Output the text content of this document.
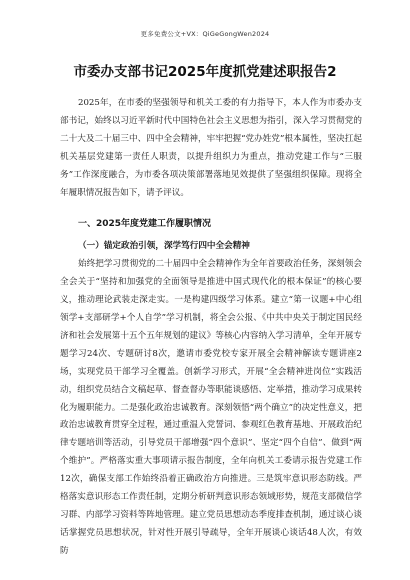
更多免费公文+VX：QiGeGongWen2024
市委办支部书记2025年度抓党建述职报告2

2025年，在市委的坚强领导和机关工委的有力指导下，本人作为市委办支部书记，始终以习近平新时代中国特色社会主义思想为指引，深入学习贯彻党的二十大及二十届三中、四中全会精神，牢牢把握“党办姓党”根本属性，坚决扛起机关基层党建第一责任人职责，以提升组织力为重点，推动党建工作与“三服务”工作深度融合，为市委各项决策部署落地见效提供了坚强组织保障。现将全年履职情况报告如下，请予评议。

一、2025年度党建工作履职情况

（一）锚定政治引领，深学笃行四中全会精神

始终把学习贯彻党的二十届四中全会精神作为全年首要政治任务，深刻领会全会关于“坚持和加强党的全面领导是推进中国式现代化的根本保证”的核心要义，推动理论武装走深走实。一是构建四级学习体系。建立“第一议题+中心组领学+支部研学+个人自学”学习机制，将全会公报、《中共中央关于制定国民经济和社会发展第十五个五年规划的建议》等核心内容纳入学习清单，全年开展专题学习24次、专题研讨8次，邀请市委党校专家开展全会精神解读专题讲座2场，实现党员干部学习全覆盖。创新学习形式，开展“全会精神进岗位”实践活动，组织党员结合文稿起草、督查督办等职能谈感悟、定举措，推动学习成果转化为履职能力。二是强化政治忠诚教育。深刻领悟“两个确立”的决定性意义，把政治忠诚教育贯穿全过程，通过重温入党誓词、参观红色教育基地、开展政治纪律专题培训等活动，引导党员干部增强“四个意识”、坚定“四个自信”、做到“两个维护”。严格落实重大事项请示报告制度，全年向机关工委请示报告党建工作12次，确保支部工作始终沿着正确政治方向推进。三是筑牢意识形态防线。严格落实意识形态工作责任制，定期分析研判意识形态领域形势，规范支部微信学习群、内部学习资料等阵地管理。建立党员思想动态季度排查机制，通过谈心谈话掌握党员思想状况，针对性开展引导疏导，全年开展谈心谈话48人次，有效防
